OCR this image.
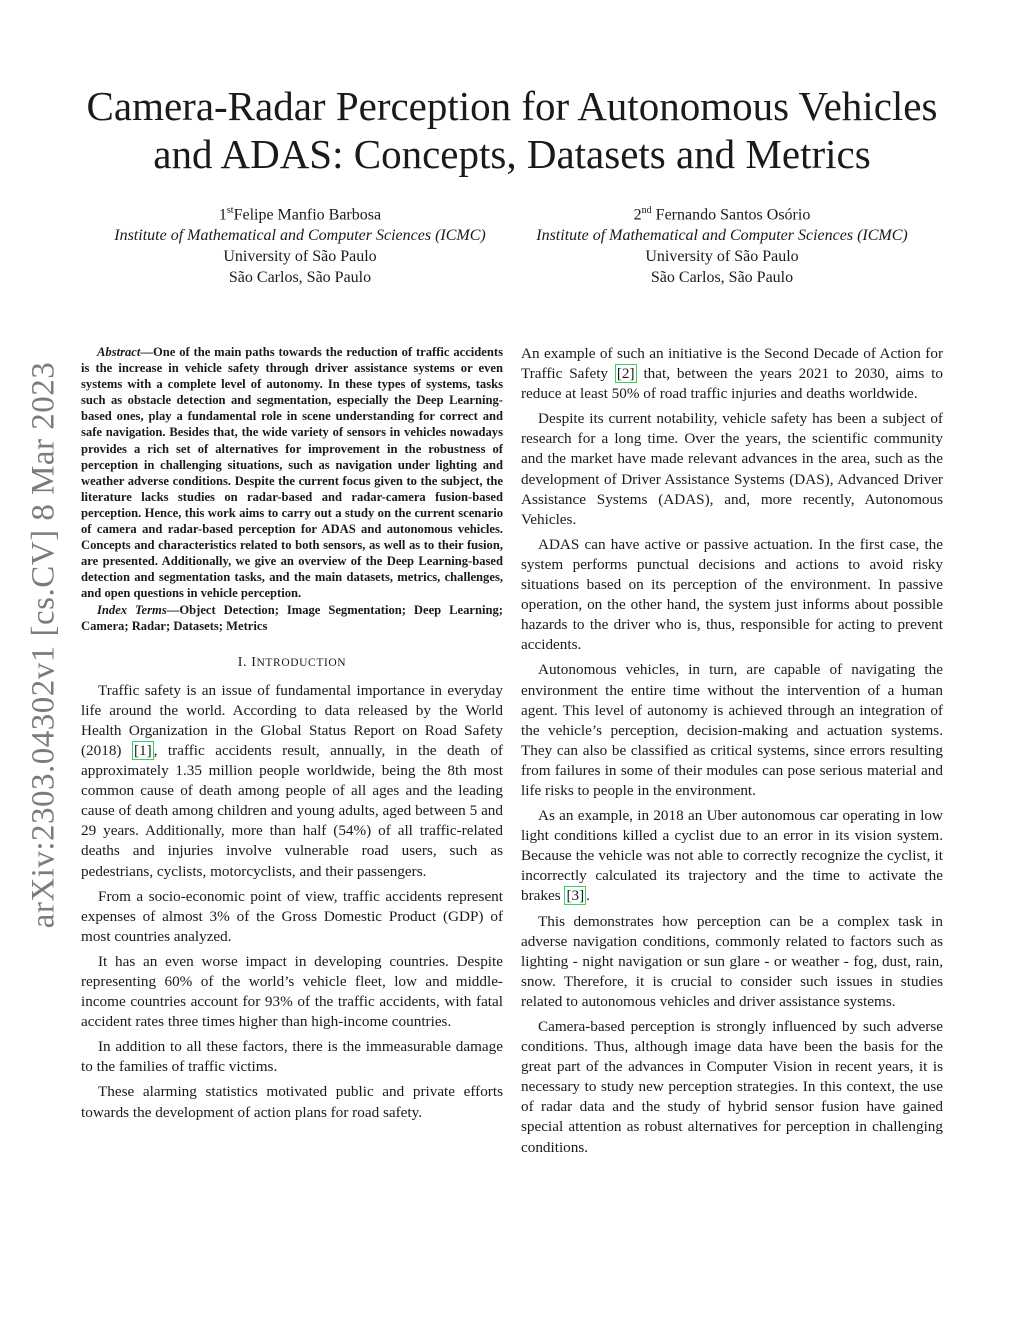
arXiv:2303.04302v1 [cs.CV] 8 Mar 2023
Camera-Radar Perception for Autonomous Vehicles
and ADAS: Concepts, Datasets and Metrics
1stFelipe Manfio Barbosa
Institute of Mathematical and Computer Sciences (ICMC)
University of São Paulo
São Carlos, São Paulo
2nd Fernando Santos Osório
Institute of Mathematical and Computer Sciences (ICMC)
University of São Paulo
São Carlos, São Paulo

Abstract—One of the main paths towards the reduction of traffic accidents is the increase in vehicle safety through driver assistance systems or even systems with a complete level of autonomy. In these types of systems, tasks such as obstacle detection and segmentation, especially the Deep Learning-based ones, play a fundamental role in scene understanding for correct and safe navigation. Besides that, the wide variety of sensors in vehicles nowadays provides a rich set of alternatives for improvement in the robustness of perception in challenging situations, such as navigation under lighting and weather adverse conditions. Despite the current focus given to the subject, the literature lacks studies on radar-based and radar-camera fusion-based perception. Hence, this work aims to carry out a study on the current scenario of camera and radar-based perception for ADAS and autonomous vehicles. Concepts and characteristics related to both sensors, as well as to their fusion, are presented. Additionally, we give an overview of the Deep Learning-based detection and segmentation tasks, and the main datasets, metrics, challenges, and open questions in vehicle perception.

Index Terms—Object Detection; Image Segmentation; Deep Learning; Camera; Radar; Datasets; Metrics

I. INTRODUCTION

Traffic safety is an issue of fundamental importance in everyday life around the world. According to data released by the World Health Organization in the Global Status Report on Road Safety (2018) [1] , traffic accidents result, annually, in the death of approximately 1.35 million people worldwide, being the 8th most common cause of death among people of all ages and the leading cause of death among children and young adults, aged between 5 and 29 years. Additionally, more than half (54%) of all traffic-related deaths and injuries involve vulnerable road users, such as pedestrians, cyclists, motorcyclists, and their passengers.

From a socio-economic point of view, traffic accidents represent expenses of almost 3% of the Gross Domestic Product (GDP) of most countries analyzed.

It has an even worse impact in developing countries. Despite representing 60% of the world’s vehicle fleet, low and middle-income countries account for 93% of the traffic accidents, with fatal accident rates three times higher than high-income countries.

In addition to all these factors, there is the immeasurable damage to the families of traffic victims.

These alarming statistics motivated public and private efforts towards the development of action plans for road safety.

An example of such an initiative is the Second Decade of Action for Traffic Safety [2] that, between the years 2021 to 2030, aims to reduce at least 50% of road traffic injuries and deaths worldwide.

Despite its current notability, vehicle safety has been a subject of research for a long time. Over the years, the scientific community and the market have made relevant advances in the area, such as the development of Driver Assistance Systems (DAS), Advanced Driver Assistance Systems (ADAS), and, more recently, Autonomous Vehicles.

ADAS can have active or passive actuation. In the first case, the system performs punctual decisions and actions to avoid risky situations based on its perception of the environment. In passive operation, on the other hand, the system just informs about possible hazards to the driver who is, thus, responsible for acting to prevent accidents.

Autonomous vehicles, in turn, are capable of navigating the environment the entire time without the intervention of a human agent. This level of autonomy is achieved through an integration of the vehicle’s perception, decision-making and actuation systems. They can also be classified as critical systems, since errors resulting from failures in some of their modules can pose serious material and life risks to people in the environment.

As an example, in 2018 an Uber autonomous car operating in low light conditions killed a cyclist due to an error in its vision system. Because the vehicle was not able to correctly recognize the cyclist, it incorrectly calculated its trajectory and the time to activate the brakes [3] .

This demonstrates how perception can be a complex task in adverse navigation conditions, commonly related to factors such as lighting - night navigation or sun glare - or weather - fog, dust, rain, snow. Therefore, it is crucial to consider such issues in studies related to autonomous vehicles and driver assistance systems.

Camera-based perception is strongly influenced by such adverse conditions. Thus, although image data have been the basis for the great part of the advances in Computer Vision in recent years, it is necessary to study new perception strategies. In this context, the use of radar data and the study of hybrid sensor fusion have gained special attention as robust alternatives for perception in challenging conditions.
